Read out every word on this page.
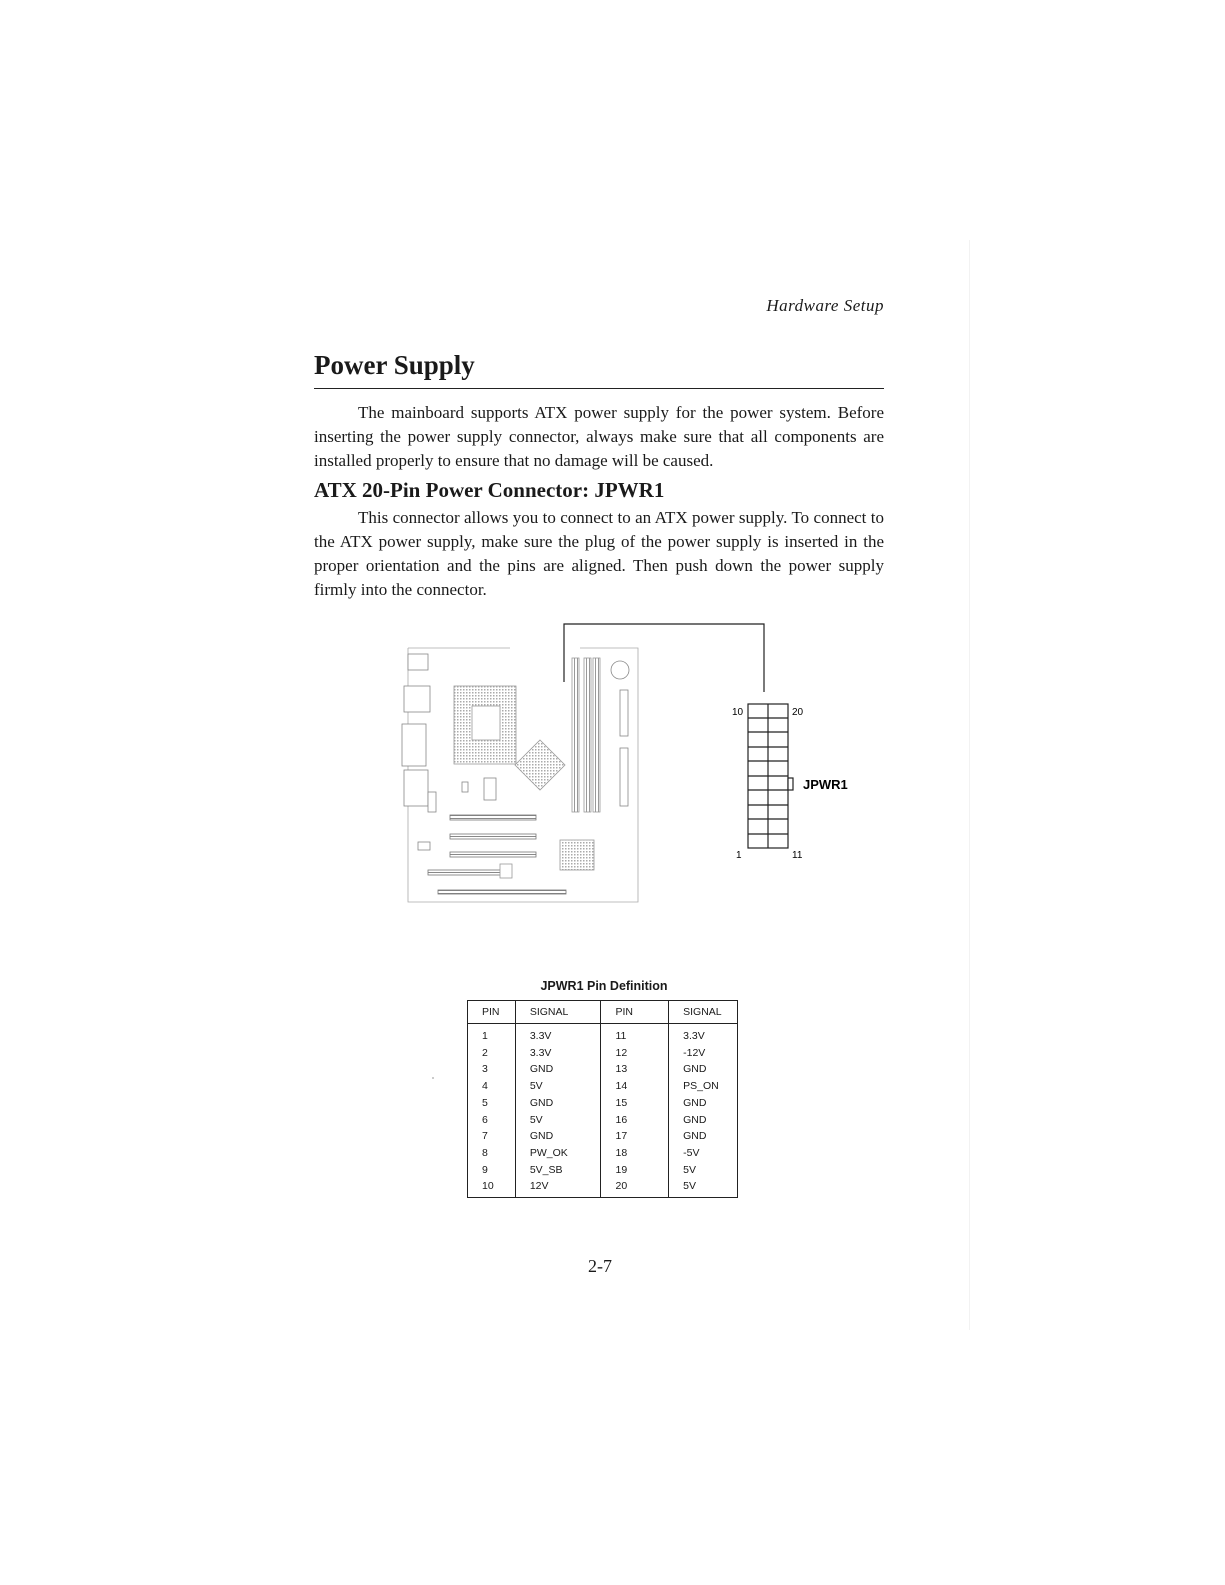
Hardware Setup
Power Supply

The mainboard supports ATX power supply for the power system. Before inserting the power supply connector, always make sure that all components are installed properly to ensure that no damage will be caused.

ATX 20-Pin Power Connector: JPWR1

This connector allows you to connect to an ATX power supply. To connect to the ATX power supply, make sure the plug of the power supply is inserted in the proper orientation and the pins are aligned. Then push down the power supply firmly into the connector.

10	20
1	11
JPWR1
JPWR1 Pin Definition
PIN	SIGNAL	PIN	SIGNAL
1	3.3V	11	3.3V
2	3.3V	12	-12V
3	GND	13	GND
4	5V	14	PS_ON
5	GND	15	GND
6	5V	16	GND
7	GND	17	GND
8	PW_OK	18	-5V
9	5V_SB	19	5V
10	12V	20	5V
2-7
